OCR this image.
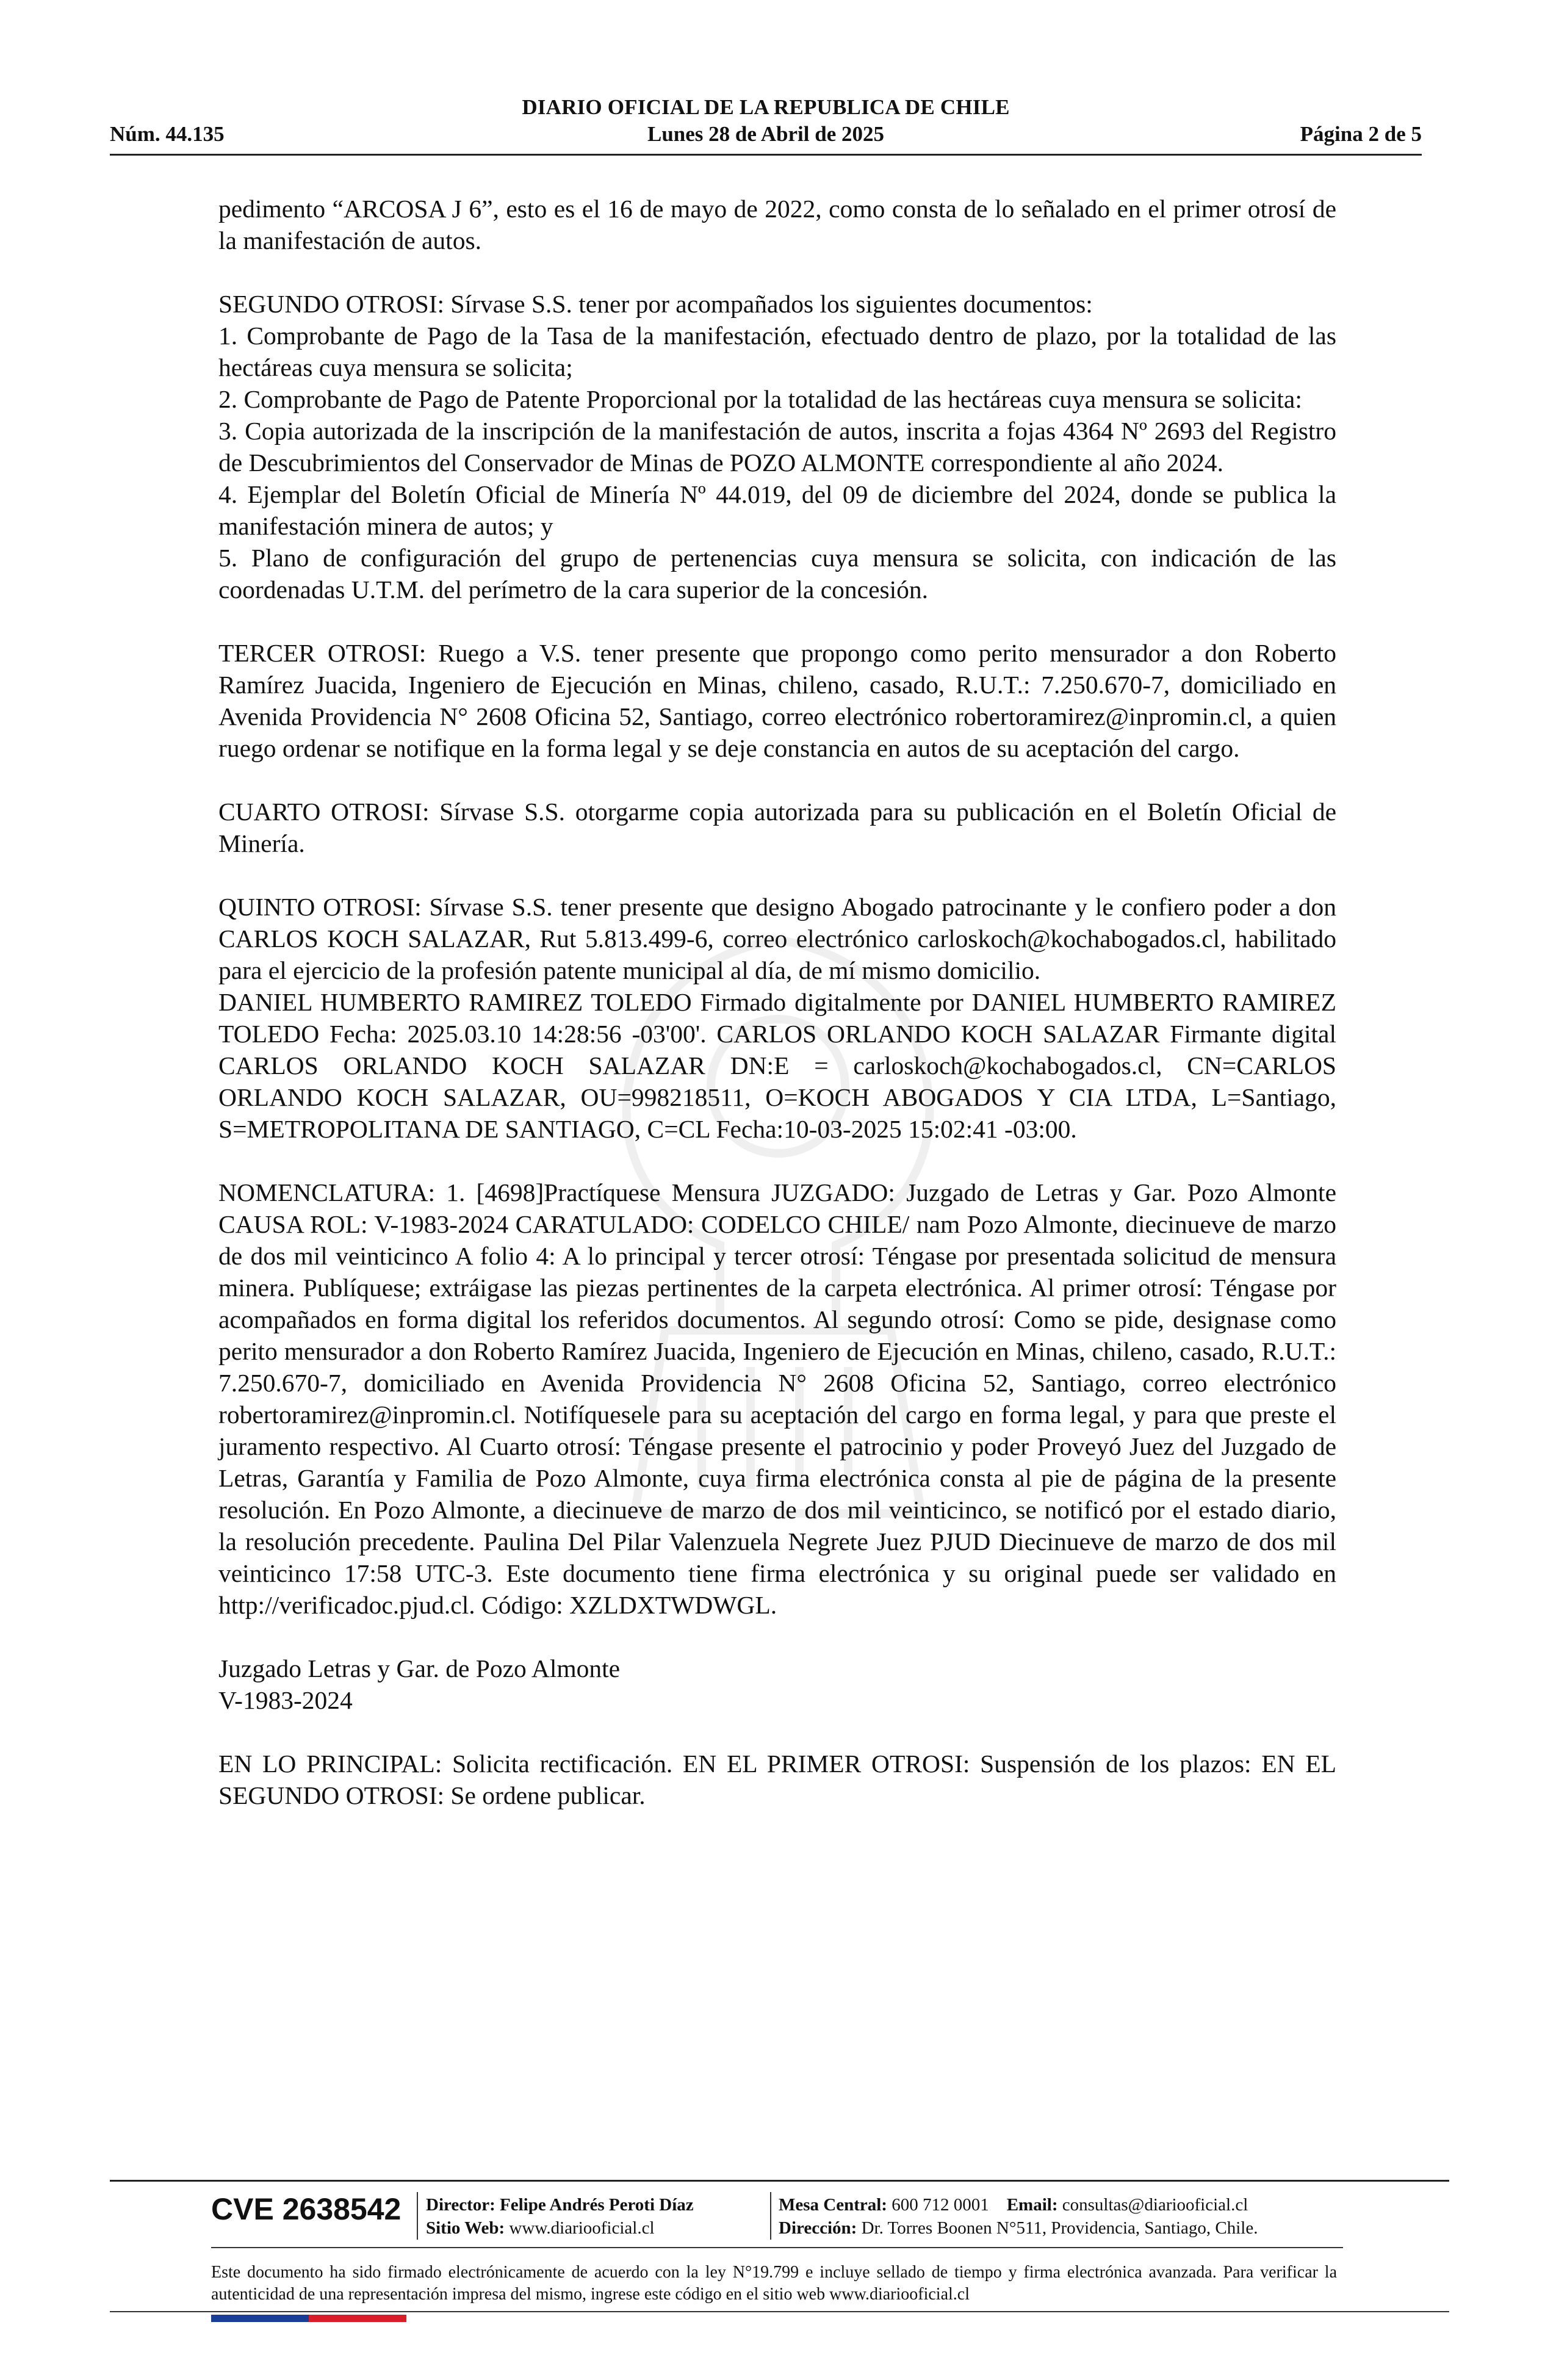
DIARIO OFICIAL DE LA REPUBLICA DE CHILE
Núm. 44.135	Lunes 28 de Abril de 2025	Página 2 de 5

pedimento “ARCOSA J 6”, esto es el 16 de mayo de 2022, como consta de lo señalado en el primer otrosí de la manifestación de autos.

SEGUNDO OTROSI: Sírvase S.S. tener por acompañados los siguientes documentos:

1. Comprobante de Pago de la Tasa de la manifestación, efectuado dentro de plazo, por la totalidad de las hectáreas cuya mensura se solicita;

2. Comprobante de Pago de Patente Proporcional por la totalidad de las hectáreas cuya mensura se solicita:

3. Copia autorizada de la inscripción de la manifestación de autos, inscrita a fojas 4364 Nº 2693 del Registro de Descubrimientos del Conservador de Minas de POZO ALMONTE correspondiente al año 2024.

4. Ejemplar del Boletín Oficial de Minería Nº 44.019, del 09 de diciembre del 2024, donde se publica la manifestación minera de autos; y

5. Plano de configuración del grupo de pertenencias cuya mensura se solicita, con indicación de las coordenadas U.T.M. del perímetro de la cara superior de la concesión.

TERCER OTROSI: Ruego a V.S. tener presente que propongo como perito mensurador a don Roberto Ramírez Juacida, Ingeniero de Ejecución en Minas, chileno, casado, R.U.T.: 7.250.670-7, domiciliado en Avenida Providencia N° 2608 Oficina 52, Santiago, correo electrónico robertoramirez@inpromin.cl, a quien ruego ordenar se notifique en la forma legal y se deje constancia en autos de su aceptación del cargo.

CUARTO OTROSI: Sírvase S.S. otorgarme copia autorizada para su publicación en el Boletín Oficial de Minería.

QUINTO OTROSI: Sírvase S.S. tener presente que designo Abogado patrocinante y le confiero poder a don CARLOS KOCH SALAZAR, Rut 5.813.499-6, correo electrónico carloskoch@kochabogados.cl, habilitado para el ejercicio de la profesión patente municipal al día, de mí mismo domicilio.

DANIEL HUMBERTO RAMIREZ TOLEDO Firmado digitalmente por DANIEL HUMBERTO RAMIREZ TOLEDO Fecha: 2025.03.10 14:28:56 -03'00'. CARLOS ORLANDO KOCH SALAZAR Firmante digital CARLOS ORLANDO KOCH SALAZAR DN:E = carloskoch@kochabogados.cl, CN=CARLOS ORLANDO KOCH SALAZAR, OU=998218511, O=KOCH ABOGADOS Y CIA LTDA, L=Santiago, S=METROPOLITANA DE SANTIAGO, C=CL Fecha:10-03-2025 15:02:41 -03:00.

NOMENCLATURA: 1. [4698]Practíquese Mensura JUZGADO: Juzgado de Letras y Gar. Pozo Almonte CAUSA ROL: V-1983-2024 CARATULADO: CODELCO CHILE/ nam Pozo Almonte, diecinueve de marzo de dos mil veinticinco A folio 4: A lo principal y tercer otrosí: Téngase por presentada solicitud de mensura minera. Publíquese; extráigase las piezas pertinentes de la carpeta electrónica. Al primer otrosí: Téngase por acompañados en forma digital los referidos documentos. Al segundo otrosí: Como se pide, designase como perito mensurador a don Roberto Ramírez Juacida, Ingeniero de Ejecución en Minas, chileno, casado, R.U.T.: 7.250.670-7, domiciliado en Avenida Providencia N° 2608 Oficina 52, Santiago, correo electrónico robertoramirez@inpromin.cl. Notifíquesele para su aceptación del cargo en forma legal, y para que preste el juramento respectivo. Al Cuarto otrosí: Téngase presente el patrocinio y poder Proveyó Juez del Juzgado de Letras, Garantía y Familia de Pozo Almonte, cuya firma electrónica consta al pie de página de la presente resolución. En Pozo Almonte, a diecinueve de marzo de dos mil veinticinco, se notificó por el estado diario, la resolución precedente. Paulina Del Pilar Valenzuela Negrete Juez PJUD Diecinueve de marzo de dos mil veinticinco 17:58 UTC-3. Este documento tiene firma electrónica y su original puede ser validado en http://verificadoc.pjud.cl. Código: XZLDXTWDWGL.

Juzgado Letras y Gar. de Pozo Almonte

V-1983-2024

EN LO PRINCIPAL: Solicita rectificación. EN EL PRIMER OTROSI: Suspensión de los plazos: EN EL SEGUNDO OTROSI: Se ordene publicar.

CVE 2638542 Director: Felipe Andrés Peroti Díaz
Sitio Web: www.diariooficial.cl
Mesa Central: 600 712 0001 Email: consultas@diariooficial.cl
Dirección: Dr. Torres Boonen N°511, Providencia, Santiago, Chile.

Este documento ha sido firmado electrónicamente de acuerdo con la ley N°19.799 e incluye sellado de tiempo y firma electrónica avanzada. Para verificar la autenticidad de una representación impresa del mismo, ingrese este código en el sitio web www.diariooficial.cl
